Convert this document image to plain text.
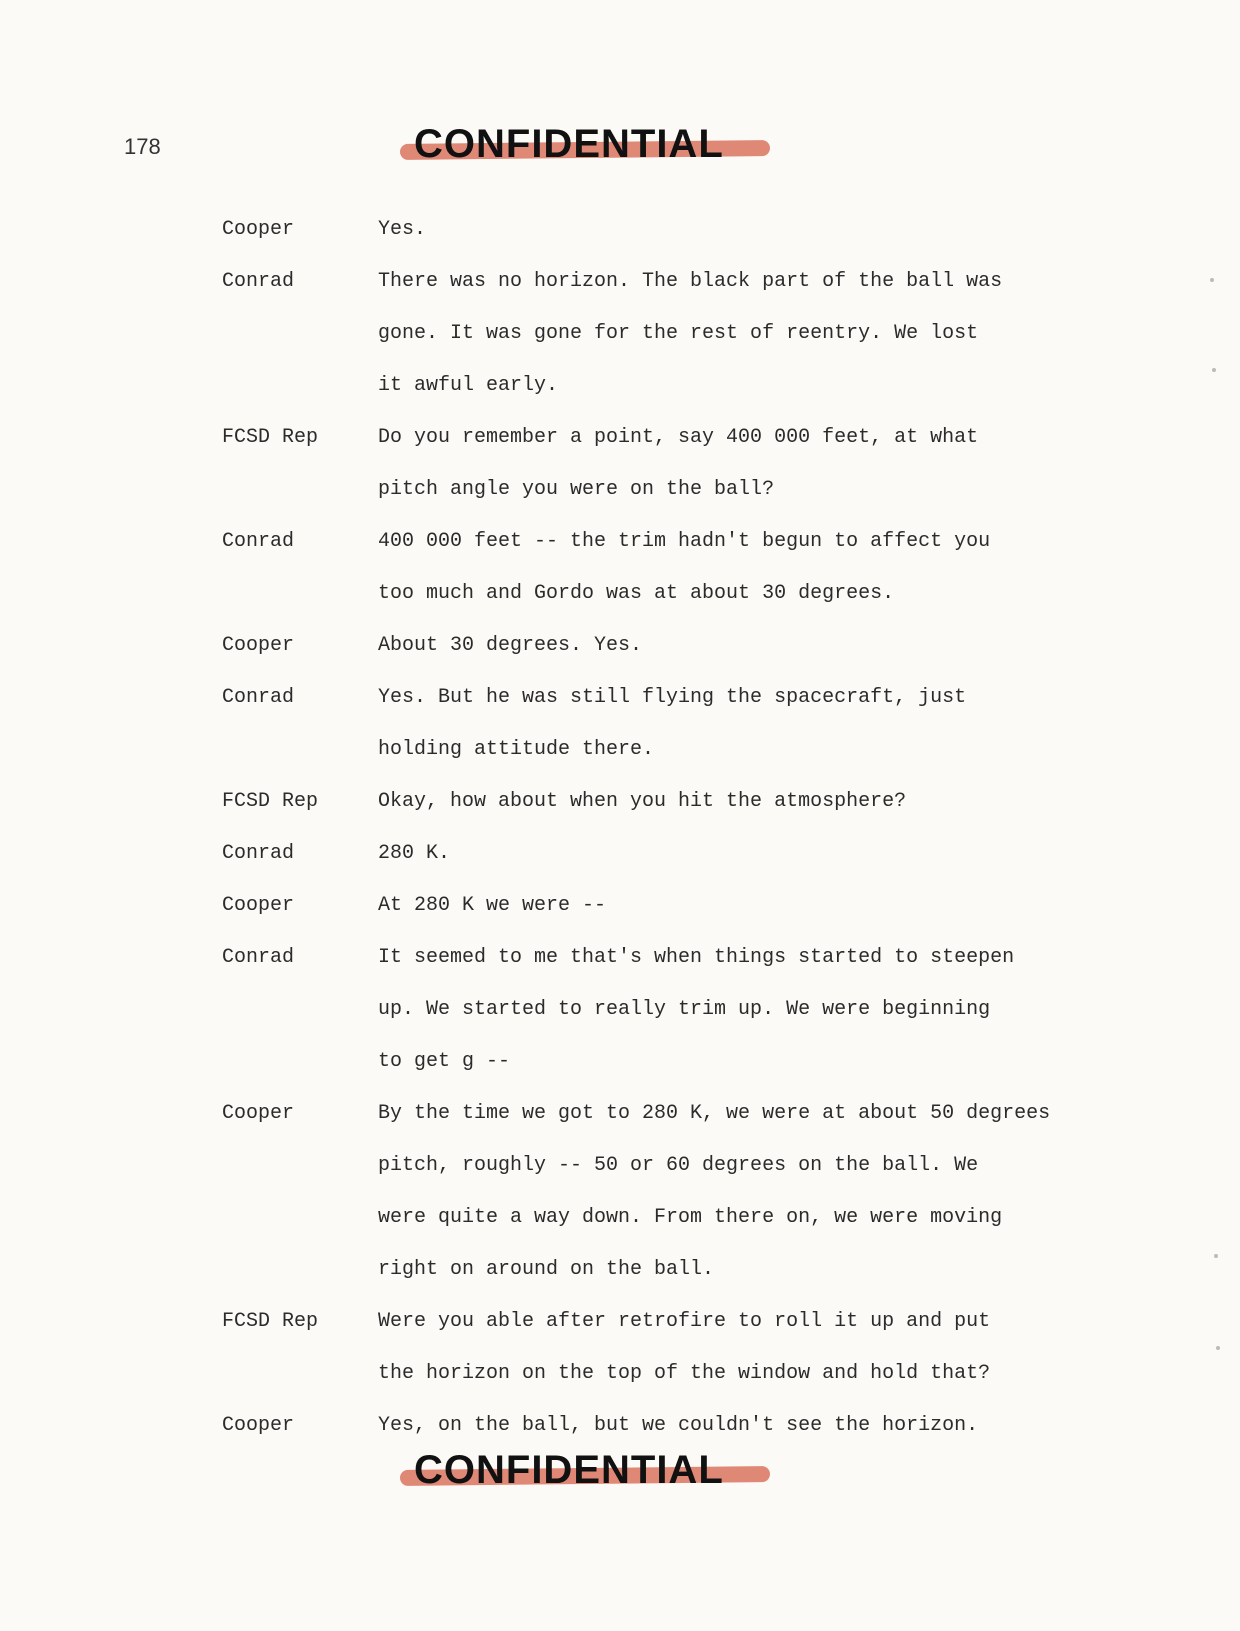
178	CONFIDENTIAL
Cooper	Yes.
Conrad	There was no horizon. The black part of the ball was
gone. It was gone for the rest of reentry. We lost
it awful early.
FCSD Rep	Do you remember a point, say 400 000 feet, at what
pitch angle you were on the ball?
Conrad	400 000 feet -- the trim hadn't begun to affect you
too much and Gordo was at about 30 degrees.
Cooper	About 30 degrees. Yes.
Conrad	Yes. But he was still flying the spacecraft, just
holding attitude there.
FCSD Rep	Okay, how about when you hit the atmosphere?
Conrad	280 K.
Cooper	At 280 K we were --
Conrad	It seemed to me that's when things started to steepen
up. We started to really trim up. We were beginning
to get g --
Cooper	By the time we got to 280 K, we were at about 50 degrees
pitch, roughly -- 50 or 60 degrees on the ball. We
were quite a way down. From there on, we were moving
right on around on the ball.
FCSD Rep	Were you able after retrofire to roll it up and put
the horizon on the top of the window and hold that?
Cooper	Yes, on the ball, but we couldn't see the horizon.
CONFIDENTIAL
